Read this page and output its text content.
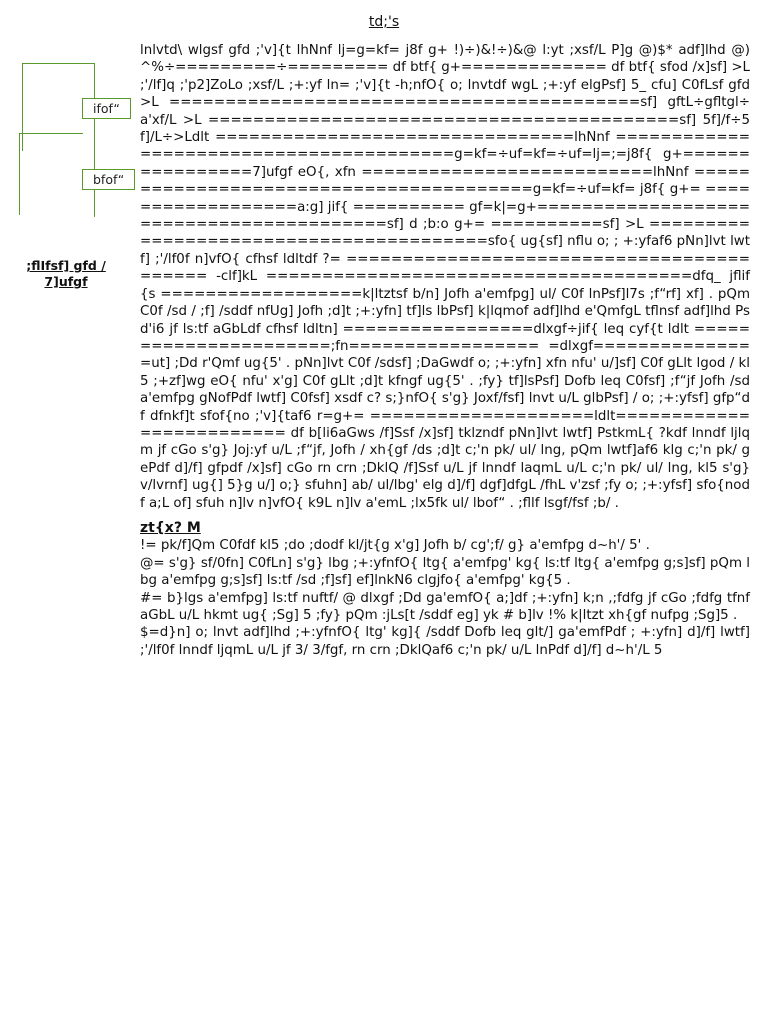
td;'s
ifof“
bfof“
;flIfsf] gfd / 7]ufgf

lnlvtd\ wlgsf gfd ;'v]{t lhNnf lj=g=kf= j8f g+ !)÷)&!÷)&@ l:yt ;xsf/L P]g @)$* adf]lhd @)^%÷=========÷========= df btf{ g+============= df btf{ sfod /x]sf] >L ;'/lf]q ;'p2]ZoLo ;xsf/L ;+:yf ln= ;'v]{t -h;nfO{ o; lnvtdf wgL ;+:yf elgPsf] 5_ cfu] C0fLsf gfd >L ==========================================sf] gftL÷gfltgl÷a'xf/L >L ==========================================sf] 5f]/f÷5f]/L÷>Ldlt ================================lhNnf ========================================g=kf=÷uf=kf=÷uf=lj=;=j8f{ g+================7]ufgf eO{, xfn ==========================lhNnf ========================================g=kf=÷uf=kf= j8f{ g+= ==================a:g] jif{ ========== gf=k|=g+=========================================sf] d ;b:o g+= ==========sf] >L ========================================sfo{ ug{sf] nflu o; ; +:yfaf6 pNn]lvt lwtf] ;'/lf0f n]vfO{ cfhsf ldltdf ?= ========================================== -clf]kL ======================================dfq_ jflif{s ==================k|ltztsf b/n] Jofh a'emfpg] ul/ C0f lnPsf]l7s ;f“rf] xf] . pQm C0f /sd / ;f] /sddf nfUg] Jofh ;d]t ;+:yfn] tf]ls lbPsf] k|lqmof adf]lhd e'QmfgL tflnsf adf]lhd Psd'i6 jf ls:tf aGbLdf cfhsf ldltn] =================dlxgf÷jif{ leq cyf{t ldlt ======================;fn================= =dlxgf===============ut] ;Dd r'Qmf ug{5' . pNn]lvt C0f /sdsf] ;DaGwdf o; ;+:yfn] xfn nfu' u/]sf] C0f gLlt lgod / kl5 ;+zf]wg eO{ nfu' x'g] C0f gLlt ;d]t kfngf ug{5' . ;fy} tf]lsPsf] Dofb leq C0fsf] ;f“jf Jofh /sd a'emfpg gNofPdf lwtf] C0fsf] xsdf c? s;}nfO{ s'g} Joxf/fsf] lnvt u/L glbPsf] / o; ;+:yfsf] gfp“df dfnkf]t sfof{no ;'v]{taf6 r=g+= ====================ldlt========================= df b[li6aGws /f]Ssf /x]sf] tklzndf pNn]lvt lwtf] PstkmL{ ?kdf lnndf ljlqm jf cGo s'g} Joj:yf u/L ;f“jf, Jofh / xh{gf /ds ;d]t c;'n pk/ ul/ lng, pQm lwtf]af6 klg c;'n pk/ gePdf d]/f] gfpdf /x]sf] cGo rn crn ;DklQ /f]Ssf u/L jf lnndf laqmL u/L c;'n pk/ ul/ lng, kl5 s'g} v/lvrnf] ug{] 5}g u/] o;} sfuhn] ab/ ul/lbg' elg d]/f] dgf]dfgL /fhL v'zsf ;fy o; ;+:yfsf] sfo{nodf a;L of] sfuh n]lv n]vfO{ k9L n]lv a'emL ;lx5fk ul/ lbof“ . ;fllf lsgf/fsf ;b/ .

zt{x? M

!= pk/f]Qm C0fdf kl5 ;do ;dodf kl/jt{g x'g] Jofh b/ cg';f/ g} a'emfpg d~h'/ 5' .

@= s'g} sf/0fn] C0fLn] s'g} lbg ;+:yfnfO{ ltg{ a'emfpg' kg{ ls:tf ltg{ a'emfpg g;s]sf] pQm lbg a'emfpg g;s]sf] ls:tf /sd ;f]sf] ef]lnkN6 clgjfo{ a'emfpg' kg{5 .

#= b}lgs a'emfpg] ls:tf nuftf/ @ dlxgf ;Dd ga'emfO{ a;]df ;+:yfn] k;n ,;fdfg jf cGo ;fdfg tfnfaGbL u/L hkmt ug{ ;Sg] 5 ;fy} pQm :jLs[t /sddf eg] yk # b]lv !% k|ltzt xh{gf nufpg ;Sg]5 .

$=d}n] o; lnvt adf]lhd ;+:yfnfO{ ltg' kg]{ /sddf Dofb leq glt/] ga'emfPdf ; +:yfn] d]/f] lwtf] ;'/lf0f lnndf ljqmL u/L jf 3/ 3/fgf, rn crn ;DklQaf6 c;'n pk/ u/L lnPdf d]/f] d~h'/L 5
